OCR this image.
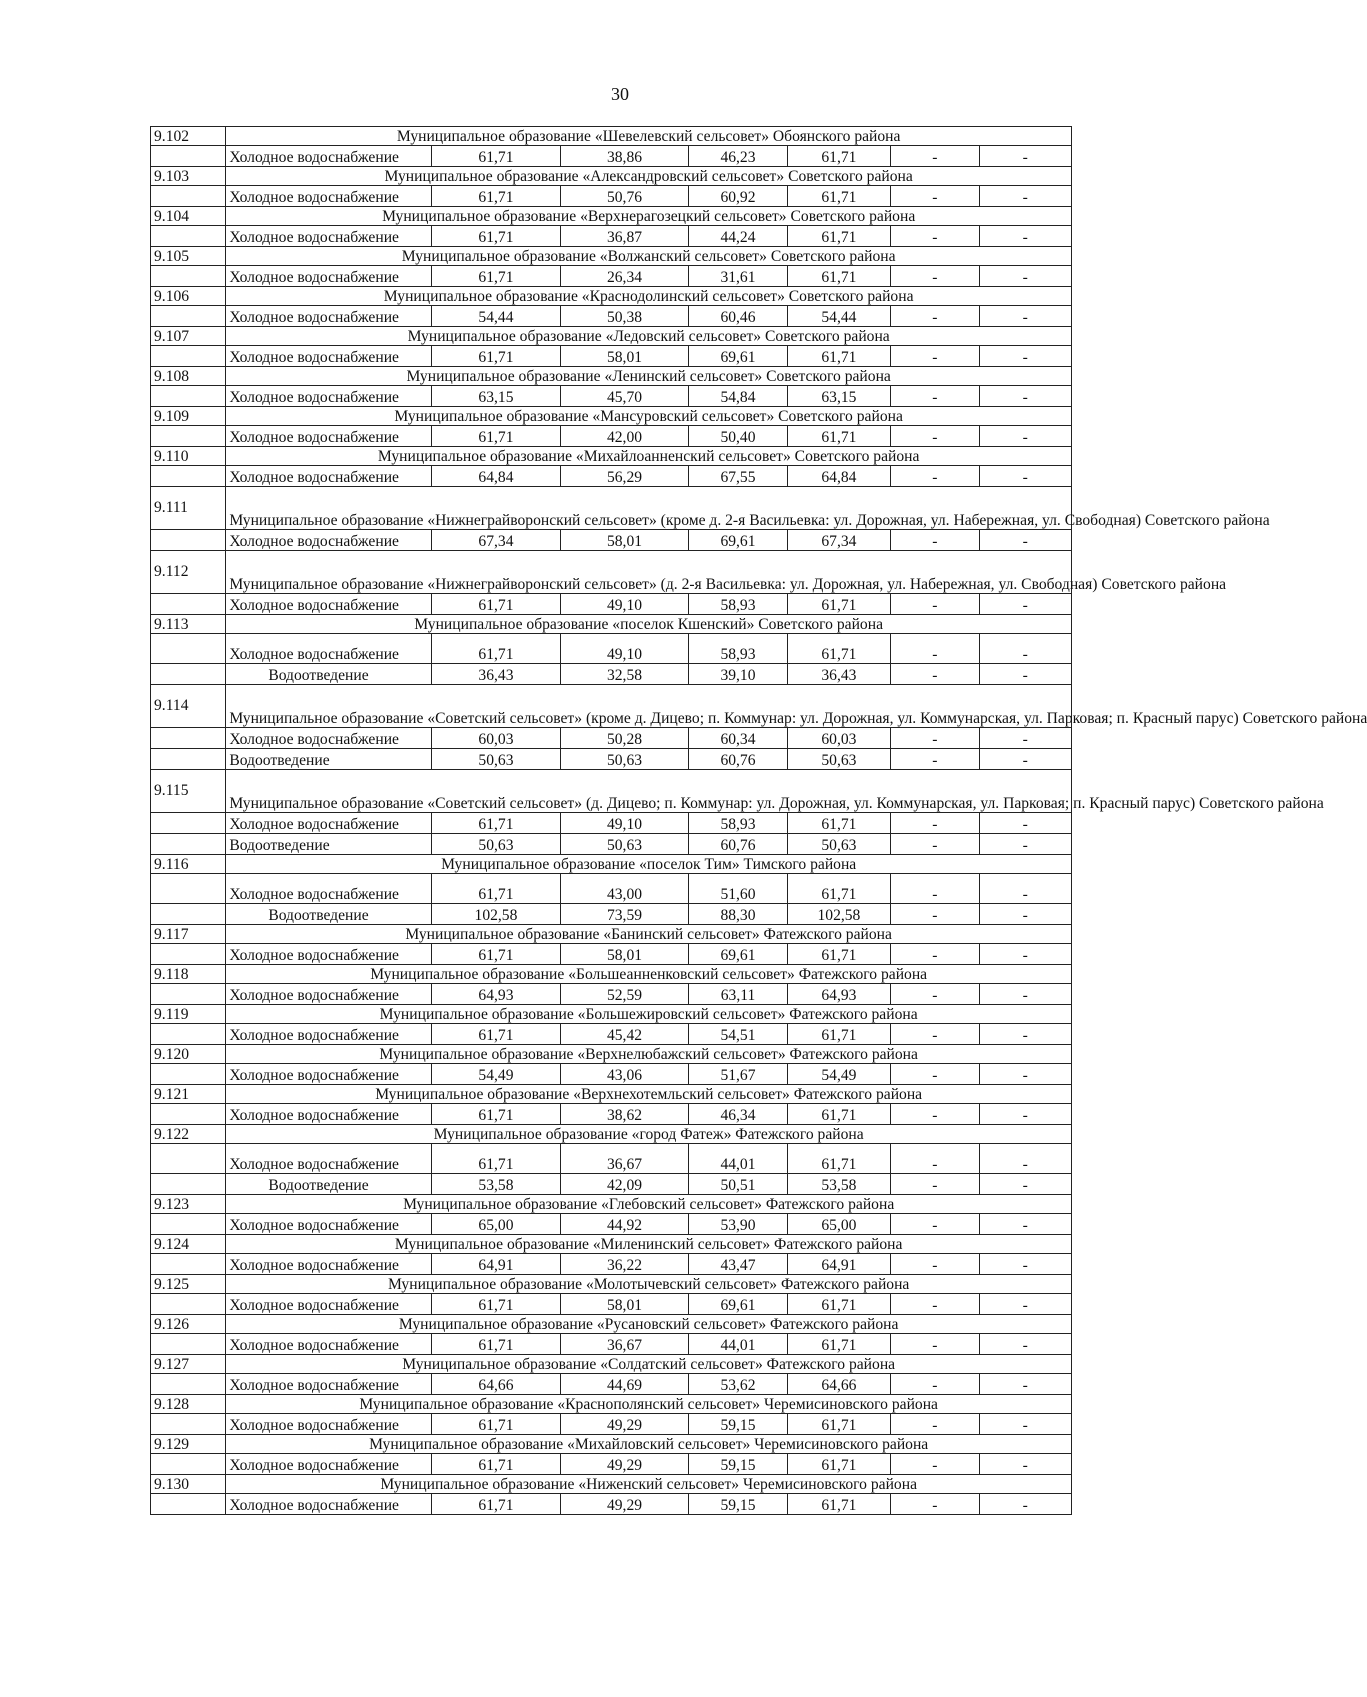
30
9.102	Муниципальное образование «Шевелевский сельсовет» Обоянского района						
	Холодное водоснабжение	61,71	38,86	46,23	61,71	-	-
9.103	Муниципальное образование «Александровский сельсовет» Советского района						
	Холодное водоснабжение	61,71	50,76	60,92	61,71	-	-
9.104	Муниципальное образование «Верхнерагозецкий сельсовет» Советского района						
	Холодное водоснабжение	61,71	36,87	44,24	61,71	-	-
9.105	Муниципальное образование «Волжанский сельсовет» Советского района						
	Холодное водоснабжение	61,71	26,34	31,61	61,71	-	-
9.106	Муниципальное образование «Краснодолинский сельсовет» Советского района						
	Холодное водоснабжение	54,44	50,38	60,46	54,44	-	-
9.107	Муниципальное образование «Ледовский сельсовет» Советского района						
	Холодное водоснабжение	61,71	58,01	69,61	61,71	-	-
9.108	Муниципальное образование «Ленинский сельсовет» Советского района						
	Холодное водоснабжение	63,15	45,70	54,84	63,15	-	-
9.109	Муниципальное образование «Мансуровский сельсовет» Советского района						
	Холодное водоснабжение	61,71	42,00	50,40	61,71	-	-
9.110	Муниципальное образование «Михайлоанненский сельсовет» Советского района						
	Холодное водоснабжение	64,84	56,29	67,55	64,84	-	-
9.111	Муниципальное образование «Нижнеграйворонский сельсовет» (кроме д. 2-я Васильевка: ул. Дорожная, ул. Набережная, ул. Свободная) Советского района						
	Холодное водоснабжение	67,34	58,01	69,61	67,34	-	-
9.112	Муниципальное образование «Нижнеграйворонский сельсовет» (д. 2-я Васильевка: ул. Дорожная, ул. Набережная, ул. Свободная) Советского района						
	Холодное водоснабжение	61,71	49,10	58,93	61,71	-	-
9.113	Муниципальное образование «поселок Кшенский» Советского района						
	Холодное водоснабжение	61,71	49,10	58,93	61,71	-	-
	Водоотведение	36,43	32,58	39,10	36,43	-	-
9.114	Муниципальное образование «Советский сельсовет» (кроме д. Дицево; п. Коммунар: ул. Дорожная, ул. Коммунарская, ул. Парковая; п. Красный парус) Советского района						
	Холодное водоснабжение	60,03	50,28	60,34	60,03	-	-
	Водоотведение	50,63	50,63	60,76	50,63	-	-
9.115	Муниципальное образование «Советский сельсовет» (д. Дицево; п. Коммунар: ул. Дорожная, ул. Коммунарская, ул. Парковая; п. Красный парус) Советского района						
	Холодное водоснабжение	61,71	49,10	58,93	61,71	-	-
	Водоотведение	50,63	50,63	60,76	50,63	-	-
9.116	Муниципальное образование «поселок Тим» Тимского района						
	Холодное водоснабжение	61,71	43,00	51,60	61,71	-	-
	Водоотведение	102,58	73,59	88,30	102,58	-	-
9.117	Муниципальное образование «Банинский сельсовет» Фатежского района						
	Холодное водоснабжение	61,71	58,01	69,61	61,71	-	-
9.118	Муниципальное образование «Большеанненковский сельсовет» Фатежского района						
	Холодное водоснабжение	64,93	52,59	63,11	64,93	-	-
9.119	Муниципальное образование «Большежировский сельсовет» Фатежского района						
	Холодное водоснабжение	61,71	45,42	54,51	61,71	-	-
9.120	Муниципальное образование «Верхнелюбажский сельсовет» Фатежского района						
	Холодное водоснабжение	54,49	43,06	51,67	54,49	-	-
9.121	Муниципальное образование «Верхнехотемльский сельсовет» Фатежского района						
	Холодное водоснабжение	61,71	38,62	46,34	61,71	-	-
9.122	Муниципальное образование «город Фатеж» Фатежского района						
	Холодное водоснабжение	61,71	36,67	44,01	61,71	-	-
	Водоотведение	53,58	42,09	50,51	53,58	-	-
9.123	Муниципальное образование «Глебовский сельсовет» Фатежского района						
	Холодное водоснабжение	65,00	44,92	53,90	65,00	-	-
9.124	Муниципальное образование «Миленинский сельсовет» Фатежского района						
	Холодное водоснабжение	64,91	36,22	43,47	64,91	-	-
9.125	Муниципальное образование «Молотычевский сельсовет» Фатежского района						
	Холодное водоснабжение	61,71	58,01	69,61	61,71	-	-
9.126	Муниципальное образование «Русановский сельсовет» Фатежского района						
	Холодное водоснабжение	61,71	36,67	44,01	61,71	-	-
9.127	Муниципальное образование «Солдатский сельсовет» Фатежского района						
	Холодное водоснабжение	64,66	44,69	53,62	64,66	-	-
9.128	Муниципальное образование «Краснополянский сельсовет» Черемисиновского района						
	Холодное водоснабжение	61,71	49,29	59,15	61,71	-	-
9.129	Муниципальное образование «Михайловский сельсовет» Черемисиновского района						
	Холодное водоснабжение	61,71	49,29	59,15	61,71	-	-
9.130	Муниципальное образование «Ниженский сельсовет» Черемисиновского района						
	Холодное водоснабжение	61,71	49,29	59,15	61,71	-	-
